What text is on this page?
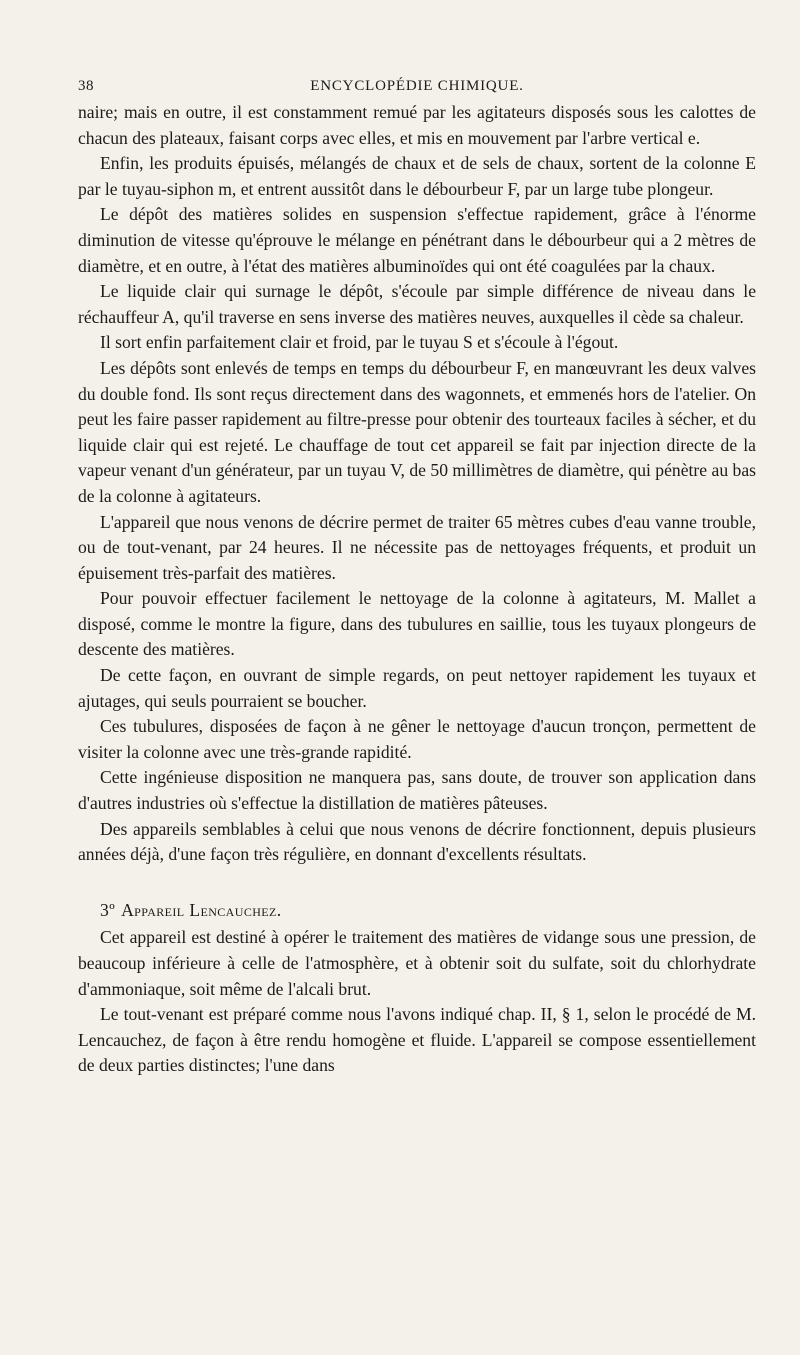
38	ENCYCLOPÉDIE CHIMIQUE.

naire; mais en outre, il est constamment remué par les agitateurs disposés sous les calottes de chacun des plateaux, faisant corps avec elles, et mis en mouvement par l'arbre vertical e.

Enfin, les produits épuisés, mélangés de chaux et de sels de chaux, sortent de la colonne E par le tuyau-siphon m, et entrent aussitôt dans le débourbeur F, par un large tube plongeur.

Le dépôt des matières solides en suspension s'effectue rapidement, grâce à l'énorme diminution de vitesse qu'éprouve le mélange en pénétrant dans le débourbeur qui a 2 mètres de diamètre, et en outre, à l'état des matières albuminoïdes qui ont été coagulées par la chaux.

Le liquide clair qui surnage le dépôt, s'écoule par simple différence de niveau dans le réchauffeur A, qu'il traverse en sens inverse des matières neuves, auxquelles il cède sa chaleur.

Il sort enfin parfaitement clair et froid, par le tuyau S et s'écoule à l'égout.

Les dépôts sont enlevés de temps en temps du débourbeur F, en manœuvrant les deux valves du double fond. Ils sont reçus directement dans des wagonnets, et emmenés hors de l'atelier. On peut les faire passer rapidement au filtre-presse pour obtenir des tourteaux faciles à sécher, et du liquide clair qui est rejeté. Le chauffage de tout cet appareil se fait par injection directe de la vapeur venant d'un générateur, par un tuyau V, de 50 millimètres de diamètre, qui pénètre au bas de la colonne à agitateurs.

L'appareil que nous venons de décrire permet de traiter 65 mètres cubes d'eau vanne trouble, ou de tout-venant, par 24 heures. Il ne nécessite pas de nettoyages fréquents, et produit un épuisement très-parfait des matières.

Pour pouvoir effectuer facilement le nettoyage de la colonne à agitateurs, M. Mallet a disposé, comme le montre la figure, dans des tubulures en saillie, tous les tuyaux plongeurs de descente des matières.

De cette façon, en ouvrant de simple regards, on peut nettoyer rapidement les tuyaux et ajutages, qui seuls pourraient se boucher.

Ces tubulures, disposées de façon à ne gêner le nettoyage d'aucun tronçon, permettent de visiter la colonne avec une très-grande rapidité.

Cette ingénieuse disposition ne manquera pas, sans doute, de trouver son application dans d'autres industries où s'effectue la distillation de matières pâteuses.

Des appareils semblables à celui que nous venons de décrire fonctionnent, depuis plusieurs années déjà, d'une façon très régulière, en donnant d'excellents résultats.

3º Appareil Lencauchez.

Cet appareil est destiné à opérer le traitement des matières de vidange sous une pression, de beaucoup inférieure à celle de l'atmosphère, et à obtenir soit du sulfate, soit du chlorhydrate d'ammoniaque, soit même de l'alcali brut.

Le tout-venant est préparé comme nous l'avons indiqué chap. II, § 1, selon le procédé de M. Lencauchez, de façon à être rendu homogène et fluide. L'appareil se compose essentiellement de deux parties distinctes; l'une dans
